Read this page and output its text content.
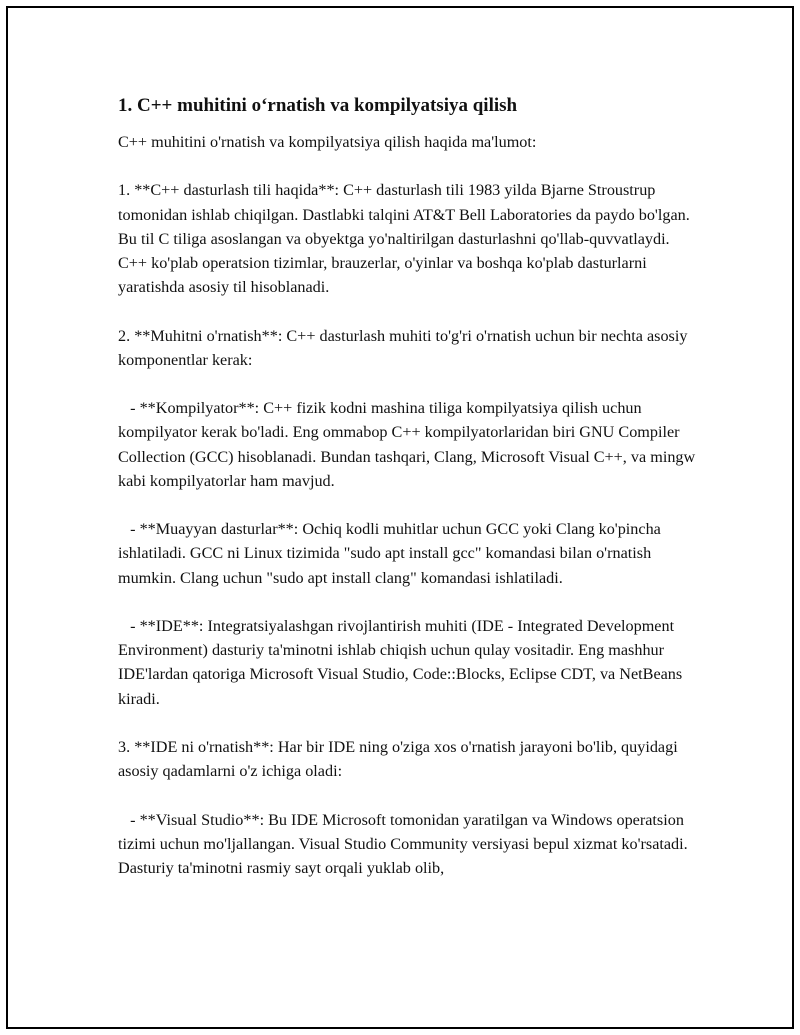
1. C++ muhitini o‘rnatish va kompilyatsiya qilish
C++ muhitini o'rnatish va kompilyatsiya qilish haqida ma'lumot:
1. **C++ dasturlash tili haqida**: C++ dasturlash tili 1983 yilda Bjarne Stroustrup tomonidan ishlab chiqilgan. Dastlabki talqini AT&T Bell Laboratories da paydo bo'lgan. Bu til C tiliga asoslangan va obyektga yo'naltirilgan dasturlashni qo'llab-quvvatlaydi. C++ ko'plab operatsion tizimlar, brauzerlar, o'yinlar va boshqa ko'plab dasturlarni yaratishda asosiy til hisoblanadi.
2. **Muhitni o'rnatish**: C++ dasturlash muhiti to'g'ri o'rnatish uchun bir nechta asosiy komponentlar kerak:
- **Kompilyator**: C++ fizik kodni mashina tiliga kompilyatsiya qilish uchun kompilyator kerak bo'ladi. Eng ommabop C++ kompilyatorlaridan biri GNU Compiler Collection (GCC) hisoblanadi. Bundan tashqari, Clang, Microsoft Visual C++, va mingw kabi kompilyatorlar ham mavjud.
- **Muayyan dasturlar**: Ochiq kodli muhitlar uchun GCC yoki Clang ko'pincha ishlatiladi. GCC ni Linux tizimida "sudo apt install gcc" komandasi bilan o'rnatish mumkin. Clang uchun "sudo apt install clang" komandasi ishlatiladi.
- **IDE**: Integratsiyalashgan rivojlantirish muhiti (IDE - Integrated Development Environment) dasturiy ta'minotni ishlab chiqish uchun qulay vositadir. Eng mashhur IDE'lardan qatoriga Microsoft Visual Studio, Code::Blocks, Eclipse CDT, va NetBeans kiradi.
3. **IDE ni o'rnatish**: Har bir IDE ning o'ziga xos o'rnatish jarayoni bo'lib, quyidagi asosiy qadamlarni o'z ichiga oladi:
- **Visual Studio**: Bu IDE Microsoft tomonidan yaratilgan va Windows operatsion tizimi uchun mo'ljallangan. Visual Studio Community versiyasi bepul xizmat ko'rsatadi. Dasturiy ta'minotni rasmiy sayt orqali yuklab olib,
